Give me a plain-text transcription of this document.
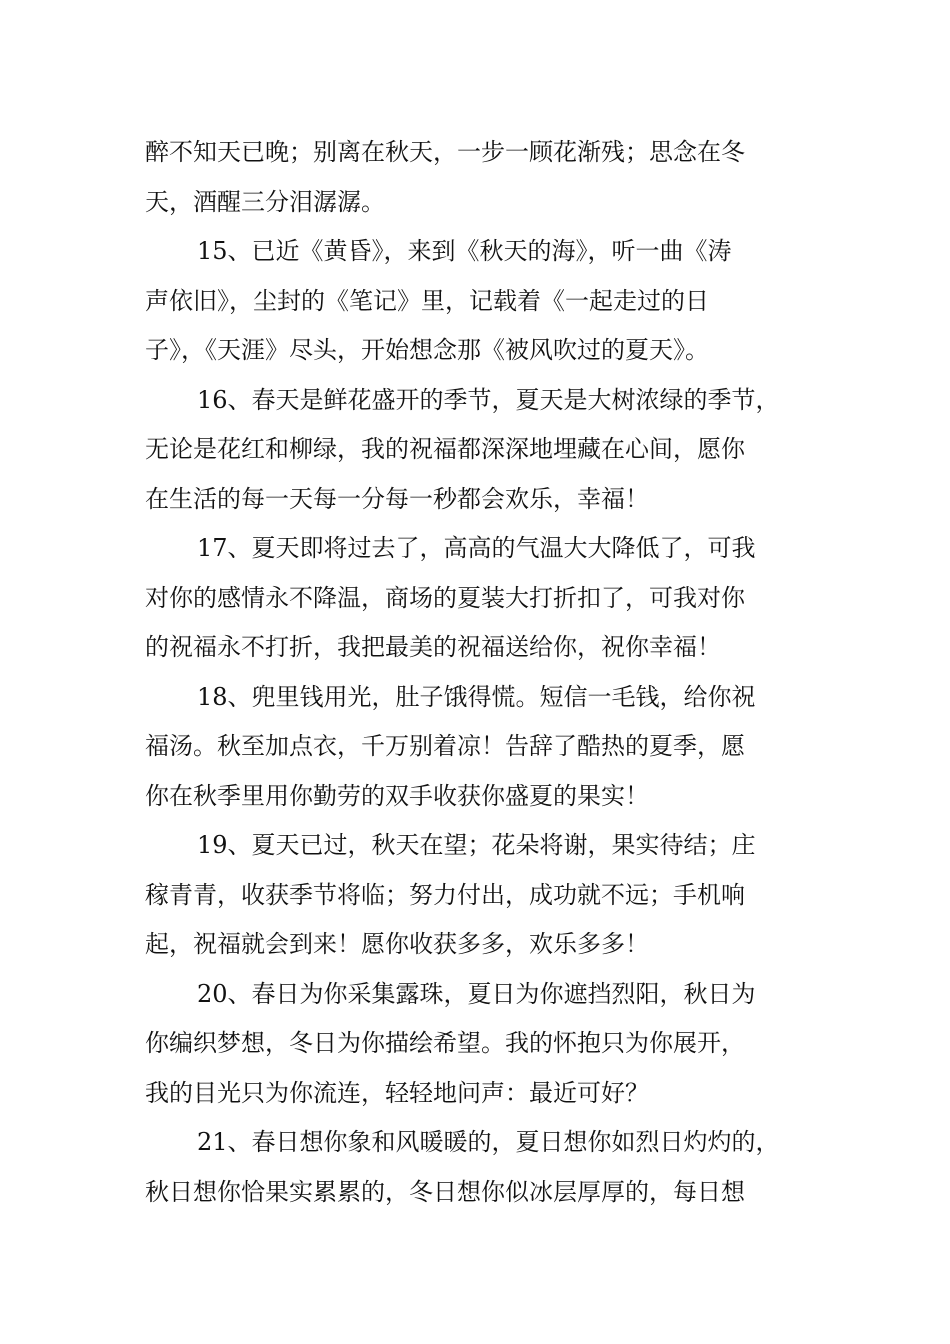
醉不知天已晚；别离在秋天，一步一顾花渐残；思念在冬
天，酒醒三分泪潺潺。

15、已近《黄昏》，来到《秋天的海》，听一曲《涛
声依旧》，尘封的《笔记》里，记载着《一起走过的日
子》，《天涯》尽头，开始想念那《被风吹过的夏天》。

16、春天是鲜花盛开的季节，夏天是大树浓绿的季节，
无论是花红和柳绿，我的祝福都深深地埋藏在心间，愿你
在生活的每一天每一分每一秒都会欢乐，幸福！

17、夏天即将过去了，高高的气温大大降低了，可我
对你的感情永不降温，商场的夏装大打折扣了，可我对你
的祝福永不打折，我把最美的祝福送给你，祝你幸福！

18、兜里钱用光，肚子饿得慌。短信一毛钱，给你祝
福汤。秋至加点衣，千万别着凉！告辞了酷热的夏季，愿
你在秋季里用你勤劳的双手收获你盛夏的果实！

19、夏天已过，秋天在望；花朵将谢，果实待结；庄
稼青青，收获季节将临；努力付出，成功就不远；手机响
起，祝福就会到来！愿你收获多多，欢乐多多！

20、春日为你采集露珠，夏日为你遮挡烈阳，秋日为
你编织梦想，冬日为你描绘希望。我的怀抱只为你展开，
我的目光只为你流连，轻轻地问声：最近可好？

21、春日想你象和风暖暖的，夏日想你如烈日灼灼的，
秋日想你恰果实累累的，冬日想你似冰层厚厚的，每日想
